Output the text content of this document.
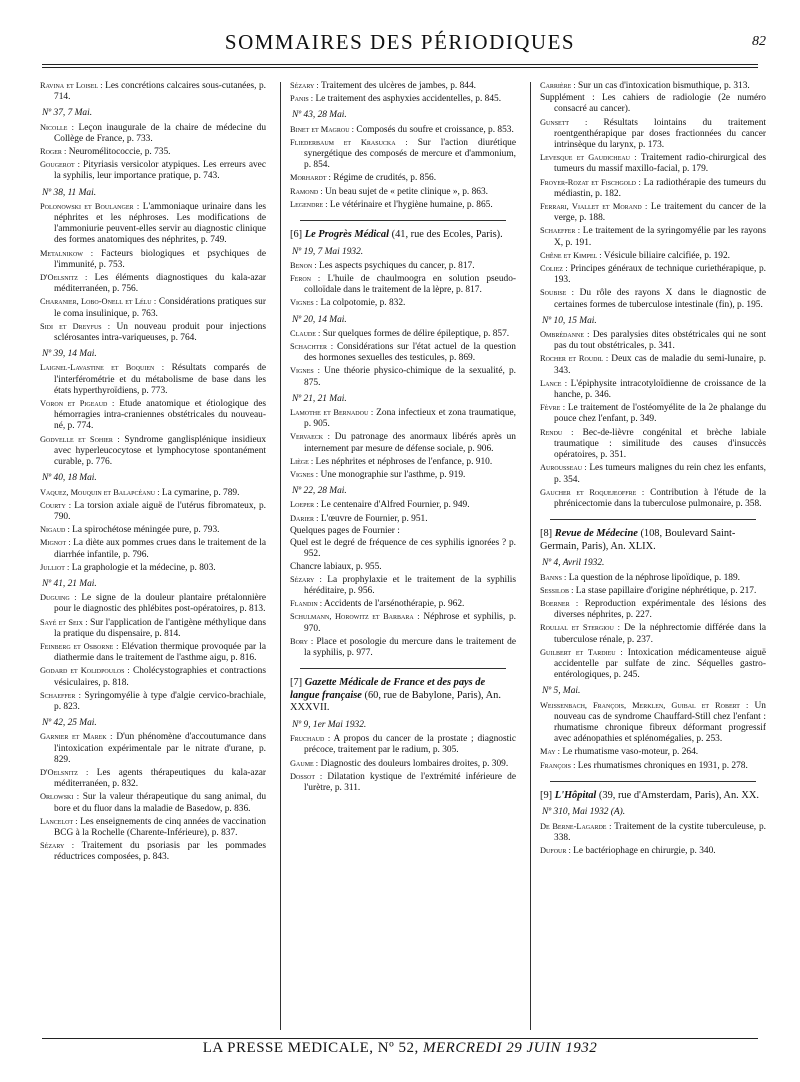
SOMMAIRES DES PÉRIODIQUES	82
Ravina et Loisel : Les concrétions calcaires sous-cutanées, p. 714.
Nº 37, 7 Mai.
Nicolle : Leçon inaugurale de la chaire de médecine du Collège de France, p. 733.
Roger : Neuromélitococcie, p. 735.
Gougerot : Pityriasis versicolor atypiques. Les erreurs avec la syphilis, leur importance pratique, p. 743.
Nº 38, 11 Mai.
Polonowski et Boulanger : L'ammoniaque urinaire dans les néphrites et les néphroses. Les modifications de l'ammoniurie peuvent-elles servir au diagnostic clinique des formes anatomiques des néphrites, p. 749.
Metalnikow : Facteurs biologiques et psychiques de l'immunité, p. 753.
D'Oelsnitz : Les éléments diagnostiques du kala-azar méditerranéen, p. 756.
Charanier, Lobo-Onell et Lélu : Considérations pratiques sur le coma insulinique, p. 763.
Sidi et Dreyfus : Un nouveau produit pour injections sclérosantes intra-variqueuses, p. 764.
Nº 39, 14 Mai.
Laignel-Lavastine et Boquien : Résultats comparés de l'interférométrie et du métabolisme de base dans les états hyperthyroïdiens, p. 773.
Voron et Pigeaud : Etude anatomique et étiologique des hémorragies intra-craniennes obstétricales du nouveau-né, p. 774.
Godvelle et Sohier : Syndrome ganglisplénique insidieux avec hyperleucocytose et lymphocytose spontanément curable, p. 776.
Nº 40, 18 Mai.
Vaquez, Mouquin et Balapcéanu : La cymarine, p. 789.
Courty : La torsion axiale aiguë de l'utérus fibromateux, p. 790.
Nigaud : La spirochétose méningée pure, p. 793.
Mignot : La diète aux pommes crues dans le traitement de la diarrhée infantile, p. 796.
Julliot : La graphologie et la médecine, p. 803.
Nº 41, 21 Mai.
Duguing : Le signe de la douleur plantaire prétalonnière pour le diagnostic des phlébites post-opératoires, p. 813.
Sayé et Seix : Sur l'application de l'antigène méthylique dans la pratique du dispensaire, p. 814.
Feinberg et Osborne : Elévation thermique provoquée par la diathermie dans le traitement de l'asthme aigu, p. 816.
Godard et Kolidpoulos : Cholécystographies et contractions vésiculaires, p. 818.
Schaeffer : Syringomyélie à type d'algie cervico-brachiale, p. 823.
Nº 42, 25 Mai.
Garnier et Marek : D'un phénomène d'accoutumance dans l'intoxication expérimentale par le nitrate d'urane, p. 829.
D'Oelsnitz : Les agents thérapeutiques du kala-azar méditerranéen, p. 832.
Orlowski : Sur la valeur thérapeutique du sang animal, du bore et du fluor dans la maladie de Basedow, p. 836.
Lancelot : Les enseignements de cinq années de vaccination BCG à la Rochelle (Charente-Inférieure), p. 837.
Sézary : Traitement du psoriasis par les pommades réductrices composées, p. 843.
Sézary : Traitement des ulcères de jambes, p. 844.
Panis : Le traitement des asphyxies accidentelles, p. 845.
Nº 43, 28 Mai.
Binet et Magrou : Composés du soufre et croissance, p. 853.
Fliederbaum et Krasucka : Sur l'action diurétique synergétique des composés de mercure et d'ammonium, p. 854.
Morhardt : Régime de crudités, p. 856.
Ramond : Un beau sujet de « petite clinique », p. 863.
Legendre : Le vétérinaire et l'hygiène humaine, p. 865.
[6] Le Progrès Médical (41, rue des Ecoles, Paris).
Nº 19, 7 Mai 1932.
Benon : Les aspects psychiques du cancer, p. 817.
Feron : L'huile de chaulmoogra en solution pseudo-colloïdale dans le traitement de la lèpre, p. 817.
Vignes : La colpotomie, p. 832.
Nº 20, 14 Mai.
Claude : Sur quelques formes de délire épileptique, p. 857.
Schachter : Considérations sur l'état actuel de la question des hormones sexuelles des testicules, p. 869.
Vignes : Une théorie physico-chimique de la sexualité, p. 875.
Nº 21, 21 Mai.
Lamothe et Bernadou : Zona infectieux et zona traumatique, p. 905.
Vervaeck : Du patronage des anormaux libérés après un internement par mesure de défense sociale, p. 906.
Liège : Les néphrites et néphroses de l'enfance, p. 910.
Vignes : Une monographie sur l'asthme, p. 919.
Nº 22, 28 Mai.
Loeper : Le centenaire d'Alfred Fournier, p. 949.
Darier : L'œuvre de Fournier, p. 951.
Quelques pages de Fournier :
Quel est le degré de fréquence de ces syphilis ignorées ? p. 952.
Chancre labiaux, p. 955.
Sézary : La prophylaxie et le traitement de la syphilis héréditaire, p. 956.
Flandin : Accidents de l'arsénothérapie, p. 962.
Schulmann, Horowitz et Barbara : Néphrose et syphilis, p. 970.
Bory : Place et posologie du mercure dans le traitement de la syphilis, p. 977.
[7] Gazette Médicale de France et des pays de langue française (60, rue de Babylone, Paris), An. XXXVII.
Nº 9, 1er Mai 1932.
Fruchaud : A propos du cancer de la prostate ; diagnostic précoce, traitement par le radium, p. 305.
Gaume : Diagnostic des douleurs lombaires droites, p. 309.
Dossot : Dilatation kystique de l'extrémité inférieure de l'urètre, p. 311.
Carrière : Sur un cas d'intoxication bismuthique, p. 313.
Supplément : Les cahiers de radiologie (2e numéro consacré au cancer).
Gunsett : Résultats lointains du traitement roentgenthérapique par doses fractionnées du cancer intrinsèque du larynx, p. 173.
Levesque et Gaudicheau : Traitement radio-chirurgical des tumeurs du massif maxillo-facial, p. 179.
Froyer-Rozat et Fischgold : La radiothérapie des tumeurs du médiastin, p. 182.
Ferrari, Viallet et Morand : Le traitement du cancer de la verge, p. 188.
Schaeffer : Le traitement de la syringomyélie par les rayons X, p. 191.
Chêne et Kimpel : Vésicule biliaire calcifiée, p. 192.
Coliez : Principes généraux de technique curiethérapique, p. 193.
Soubise : Du rôle des rayons X dans le diagnostic de certaines formes de tuberculose intestinale (fin), p. 195.
Nº 10, 15 Mai.
Ombrédanne : Des paralysies dites obstétricales qui ne sont pas du tout obstétricales, p. 341.
Rocher et Roudil : Deux cas de maladie du semi-lunaire, p. 343.
Lance : L'épiphysite intracotyloïdienne de croissance de la hanche, p. 346.
Fèvre : Le traitement de l'ostéomyélite de la 2e phalange du pouce chez l'enfant, p. 349.
Rendu : Bec-de-lièvre congénital et brèche labiale traumatique : similitude des causes d'insuccès opératoires, p. 351.
Aurousseau : Les tumeurs malignes du rein chez les enfants, p. 354.
Gaucher et Roquejeoffre : Contribution à l'étude de la phrénicectomie dans la tuberculose pulmonaire, p. 358.
[8] Revue de Médecine (108, Boulevard Saint-Germain, Paris), An. XLIX.
Nº 4, Avril 1932.
Banns : La question de la néphrose lipoïdique, p. 189.
Sessilob : La stase papillaire d'origine néphrétique, p. 217.
Boerner : Reproduction expérimentale des lésions des diverses néphrites, p. 227.
Roulial et Stergiou : De la néphrectomie différée dans la tuberculose rénale, p. 237.
Guilbert et Tardieu : Intoxication médicamenteuse aiguë accidentelle par sulfate de zinc. Séquelles gastro-entérologiques, p. 245.
Nº 5, Mai.
Weissenbach, François, Merklen, Guibal et Robert : Un nouveau cas de syndrome Chauffard-Still chez l'enfant : rhumatisme chronique fibreux déformant progressif avec adénopathies et splénomégalies, p. 253.
May : Le rhumatisme vaso-moteur, p. 264.
François : Les rhumatismes chroniques en 1931, p. 278.
[9] L'Hôpital (39, rue d'Amsterdam, Paris), An. XX.
Nº 310, Mai 1932 (A).
De Berne-Lagarde : Traitement de la cystite tuberculeuse, p. 338.
Dufour : Le bactériophage en chirurgie, p. 340.
LA PRESSE MEDICALE, Nº 52, MERCREDI 29 JUIN 1932
